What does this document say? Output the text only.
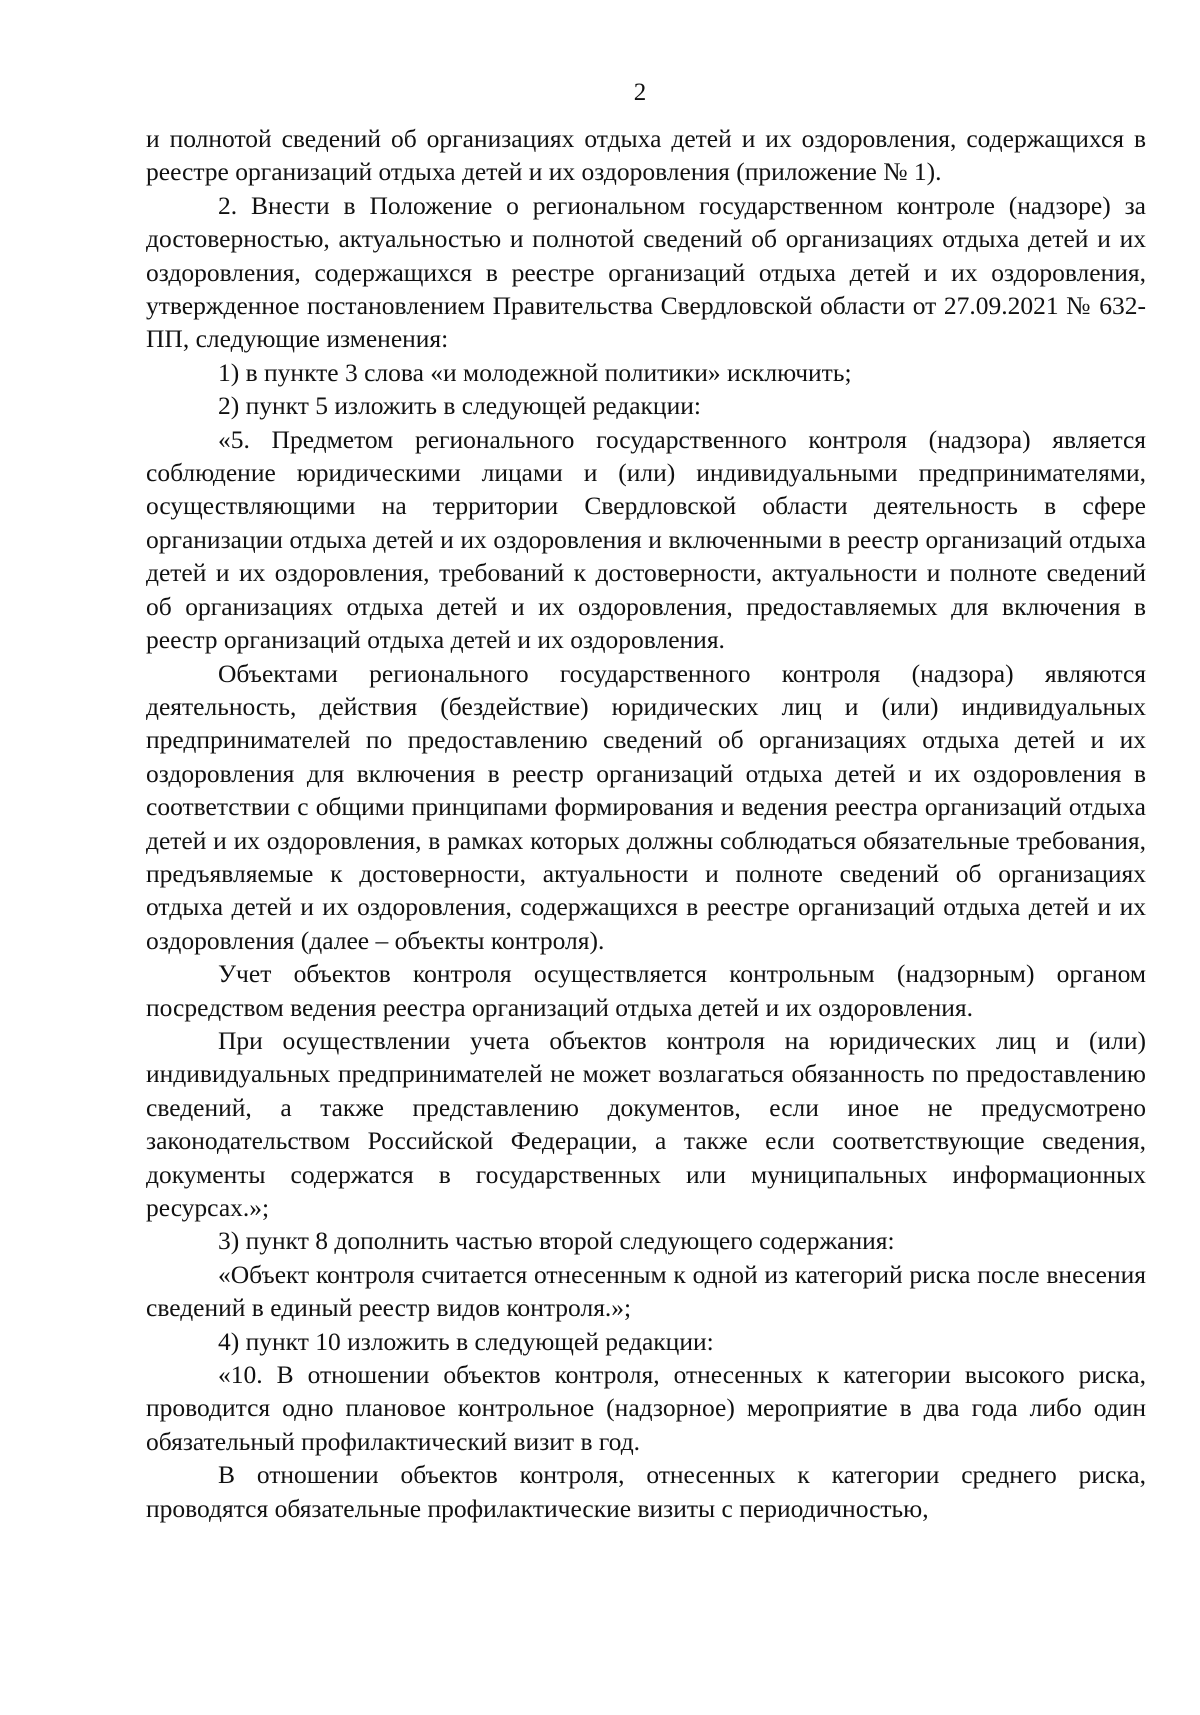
2

и полнотой сведений об организациях отдыха детей и их оздоровления, содержащихся в реестре организаций отдыха детей и их оздоровления (приложение № 1).

2. Внести в Положение о региональном государственном контроле (надзоре) за достоверностью, актуальностью и полнотой сведений об организациях отдыха детей и их оздоровления, содержащихся в реестре организаций отдыха детей и их оздоровления, утвержденное постановлением Правительства Свердловской области от 27.09.2021 № 632-ПП, следующие изменения:

1) в пункте 3 слова «и молодежной политики» исключить;

2) пункт 5 изложить в следующей редакции:

«5. Предметом регионального государственного контроля (надзора) является соблюдение юридическими лицами и (или) индивидуальными предпринимателями, осуществляющими на территории Свердловской области деятельность в сфере организации отдыха детей и их оздоровления и включенными в реестр организаций отдыха детей и их оздоровления, требований к достоверности, актуальности и полноте сведений об организациях отдыха детей и их оздоровления, предоставляемых для включения в реестр организаций отдыха детей и их оздоровления.

Объектами регионального государственного контроля (надзора) являются деятельность, действия (бездействие) юридических лиц и (или) индивидуальных предпринимателей по предоставлению сведений об организациях отдыха детей и их оздоровления для включения в реестр организаций отдыха детей и их оздоровления в соответствии с общими принципами формирования и ведения реестра организаций отдыха детей и их оздоровления, в рамках которых должны соблюдаться обязательные требования, предъявляемые к достоверности, актуальности и полноте сведений об организациях отдыха детей и их оздоровления, содержащихся в реестре организаций отдыха детей и их оздоровления (далее – объекты контроля).

Учет объектов контроля осуществляется контрольным (надзорным) органом посредством ведения реестра организаций отдыха детей и их оздоровления.

При осуществлении учета объектов контроля на юридических лиц и (или) индивидуальных предпринимателей не может возлагаться обязанность по предоставлению сведений, а также представлению документов, если иное не предусмотрено законодательством Российской Федерации, а также если соответствующие сведения, документы содержатся в государственных или муниципальных информационных ресурсах.»;

3) пункт 8 дополнить частью второй следующего содержания:

«Объект контроля считается отнесенным к одной из категорий риска после внесения сведений в единый реестр видов контроля.»;

4) пункт 10 изложить в следующей редакции:

«10. В отношении объектов контроля, отнесенных к категории высокого риска, проводится одно плановое контрольное (надзорное) мероприятие в два года либо один обязательный профилактический визит в год.

В отношении объектов контроля, отнесенных к категории среднего риска, проводятся обязательные профилактические визиты с периодичностью,
